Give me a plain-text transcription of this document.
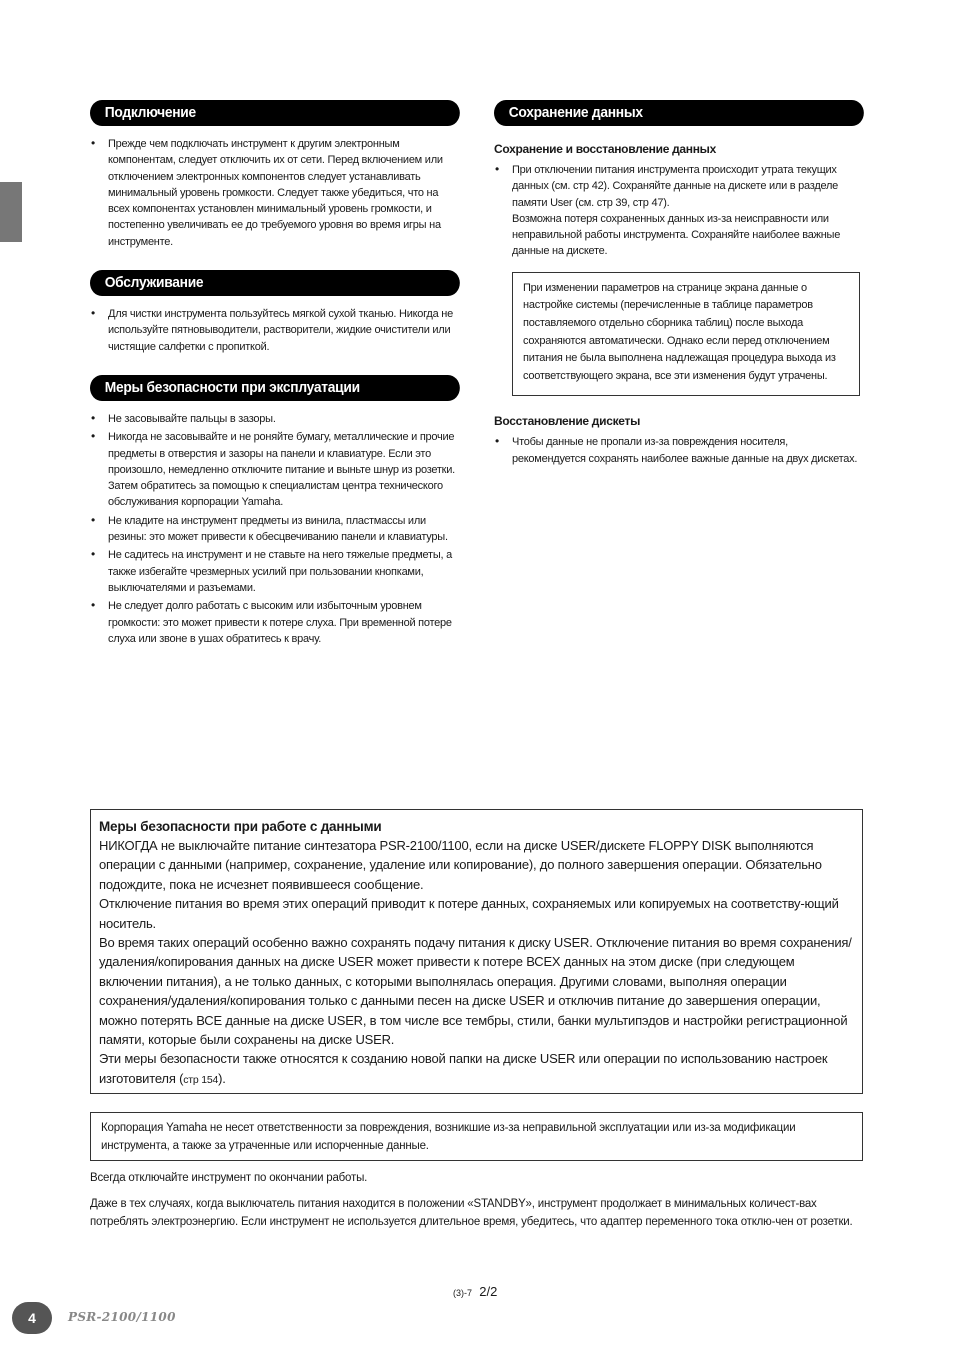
Подключение
• Прежде чем подключать инструмент к другим электронным компонентам, следует отключить их от сети. Перед включением или отключением электронных компонентов следует устанавливать минимальный уровень громкости. Следует также убедиться, что на всех компонентах установлен минимальный уровень громкости, и постепенно увеличивать ее до требуемого уровня во время игры на инструменте.
Обслуживание
• Для чистки инструмента пользуйтесь мягкой сухой тканью. Никогда не используйте пятновыводители, растворители, жидкие очистители или чистящие салфетки с пропиткой.
Меры безопасности при эксплуатации
• Не засовывайте пальцы в зазоры.
• Никогда не засовывайте и не роняйте бумагу, металлические и прочие предметы в отверстия и зазоры на панели и клавиатуре. Если это произошло, немедленно отключите питание и выньте шнур из розетки. Затем обратитесь за помощью к специалистам центра технического обслуживания корпорации Yamaha.
• Не кладите на инструмент предметы из винила, пластмассы или резины: это может привести к обесцвечиванию панели и клавиатуры.
• Не садитесь на инструмент и не ставьте на него тяжелые предметы, а также избегайте чрезмерных усилий при пользовании кнопками, выключателями и разъемами.
• Не следует долго работать с высоким или избыточным уровнем громкости: это может привести к потере слуха. При временной потере слуха или звоне в ушах обратитесь к врачу.
Сохранение данных
Сохранение и восстановление данных
• При отключении питания инструмента происходит утрата текущих данных (см. стр 42). Сохраняйте данные на дискете или в разделе памяти User (см. стр 39, стр 47).
Возможна потеря сохраненных данных из-за неисправности или неправильной работы инструмента. Сохраняйте наиболее важные данные на дискете.
При изменении параметров на странице экрана данные о настройке системы (перечисленные в таблице параметров поставляемого отдельно сборника таблиц) после выхода сохраняются автоматически. Однако если перед отключением питания не была выполнена надлежащая процедура выхода из соответствующего экрана, все эти изменения будут утрачены.
Восстановление дискеты
• Чтобы данные не пропали из-за повреждения носителя, рекомендуется сохранять наиболее важные данные на двух дискетах.
Меры безопасности при работе с данными

НИКОГДА не выключайте питание синтезатора PSR-2100/1100, если на диске USER/дискете FLOPPY DISK выполняются операции с данными (например, сохранение, удаление или копирование), до полного завершения операции. Обязательно подождите, пока не исчезнет появившееся сообщение.

Отключение питания во время этих операций приводит к потере данных, сохраняемых или копируемых на соответству-ющий носитель.

Во время таких операций особенно важно сохранять подачу питания к диску USER. Отключение питания во время сохранения/удаления/копирования данных на диске USER может привести к потере ВСЕХ данных на этом диске (при следующем включении питания), а не только данных, с которыми выполнялась операция. Другими словами, выполняя операции сохранения/удаления/копирования только с данными песен на диске USER и отключив питание до завершения операции, можно потерять ВСЕ данные на диске USER, в том числе все тембры, стили, банки мультипэдов и настройки регистрационной памяти, которые были сохранены на диске USER.

Эти меры безопасности также относятся к созданию новой папки на диске USER или операции по использованию настроек изготовителя (стр 154).

Корпорация Yamaha не несет ответственности за повреждения, возникшие из-за неправильной эксплуатации или из-за модификации инструмента, а также за утраченные или испорченные данные.
Всегда отключайте инструмент по окончании работы.
Даже в тех случаях, когда выключатель питания находится в положении «STANDBY», инструмент продолжает в минимальных количест-вах потреблять электроэнергию. Если инструмент не используется длительное время, убедитесь, что адаптер переменного тока отклю-чен от розетки.
(3)-7 2/2
4	PSR-2100/1100
